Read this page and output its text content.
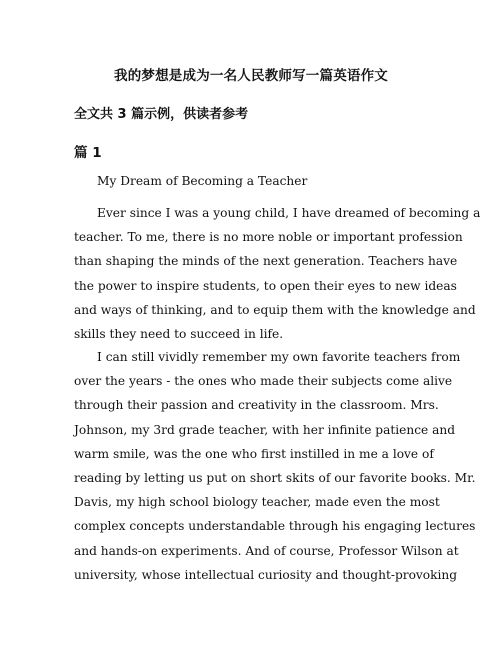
我的梦想是成为一名人民教师写一篇英语作文
全文共 3 篇示例，供读者参考
篇 1
My Dream of Becoming a Teacher
Ever since I was a young child, I have dreamed of becoming a
teacher. To me, there is no more noble or important profession
than shaping the minds of the next generation. Teachers have
the power to inspire students, to open their eyes to new ideas
and ways of thinking, and to equip them with the knowledge and
skills they need to succeed in life.
I can still vividly remember my own favorite teachers from
over the years - the ones who made their subjects come alive
through their passion and creativity in the classroom. Mrs.
Johnson, my 3rd grade teacher, with her infinite patience and
warm smile, was the one who first instilled in me a love of
reading by letting us put on short skits of our favorite books. Mr.
Davis, my high school biology teacher, made even the most
complex concepts understandable through his engaging lectures
and hands-on experiments. And of course, Professor Wilson at
university, whose intellectual curiosity and thought-provoking
